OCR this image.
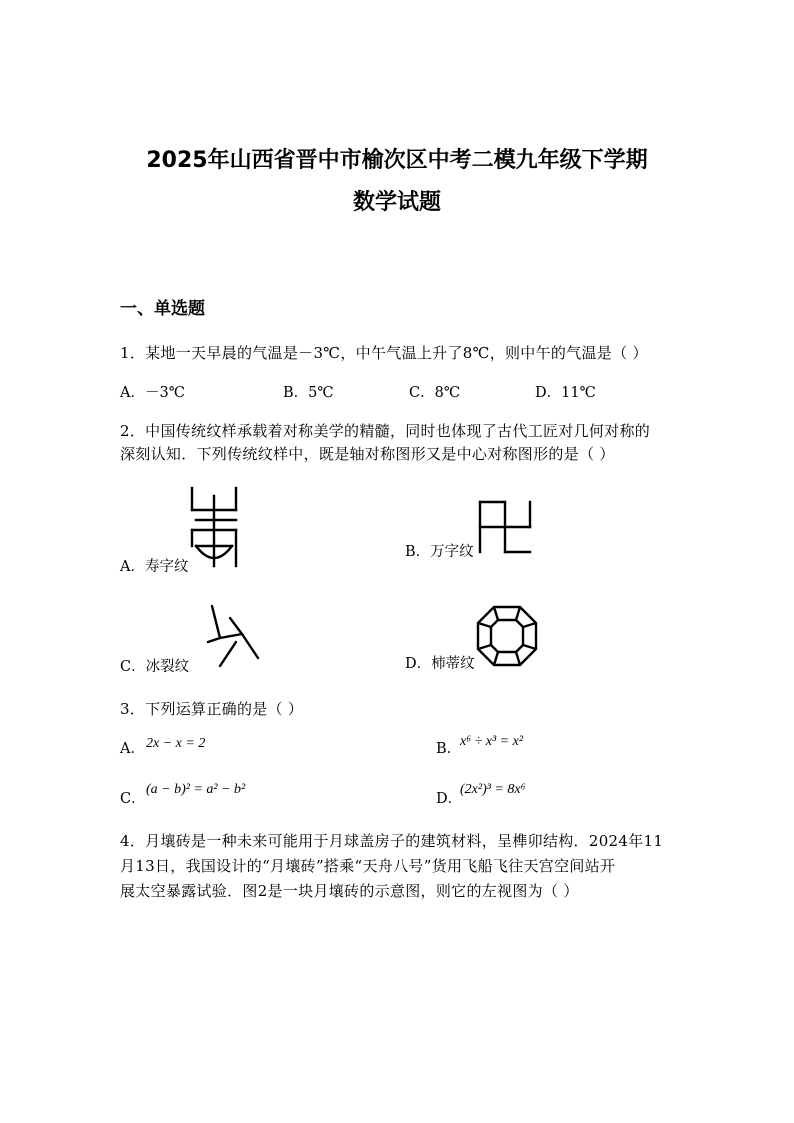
2025年山西省晋中市榆次区中考二模九年级下学期
数学试题
一、单选题
1．某地一天早晨的气温是－3℃，中午气温上升了8℃，则中午的气温是（ ）
A．－3℃	B．5℃	C．8℃	D．11℃
2．中国传统纹样承载着对称美学的精髓，同时也体现了古代工匠对几何对称的
深刻认知．下列传统纹样中，既是轴对称图形又是中心对称图形的是（ ）
A．寿字纹
B．万字纹
C．冰裂纹	D．柿蒂纹
3．下列运算正确的是（ ）
A． 2x − x = 2	B．
x⁶ ÷ x³ = x²
C．
(a − b)² = a² − b²
D．
(2x²)³ = 8x⁶
4．月壤砖是一种未来可能用于月球盖房子的建筑材料，呈榫卯结构．2024年11
月13日，我国设计的“月壤砖”搭乘“天舟八号”货用飞船飞往天宫空间站开
展太空暴露试验．图2是一块月壤砖的示意图，则它的左视图为（ ）
